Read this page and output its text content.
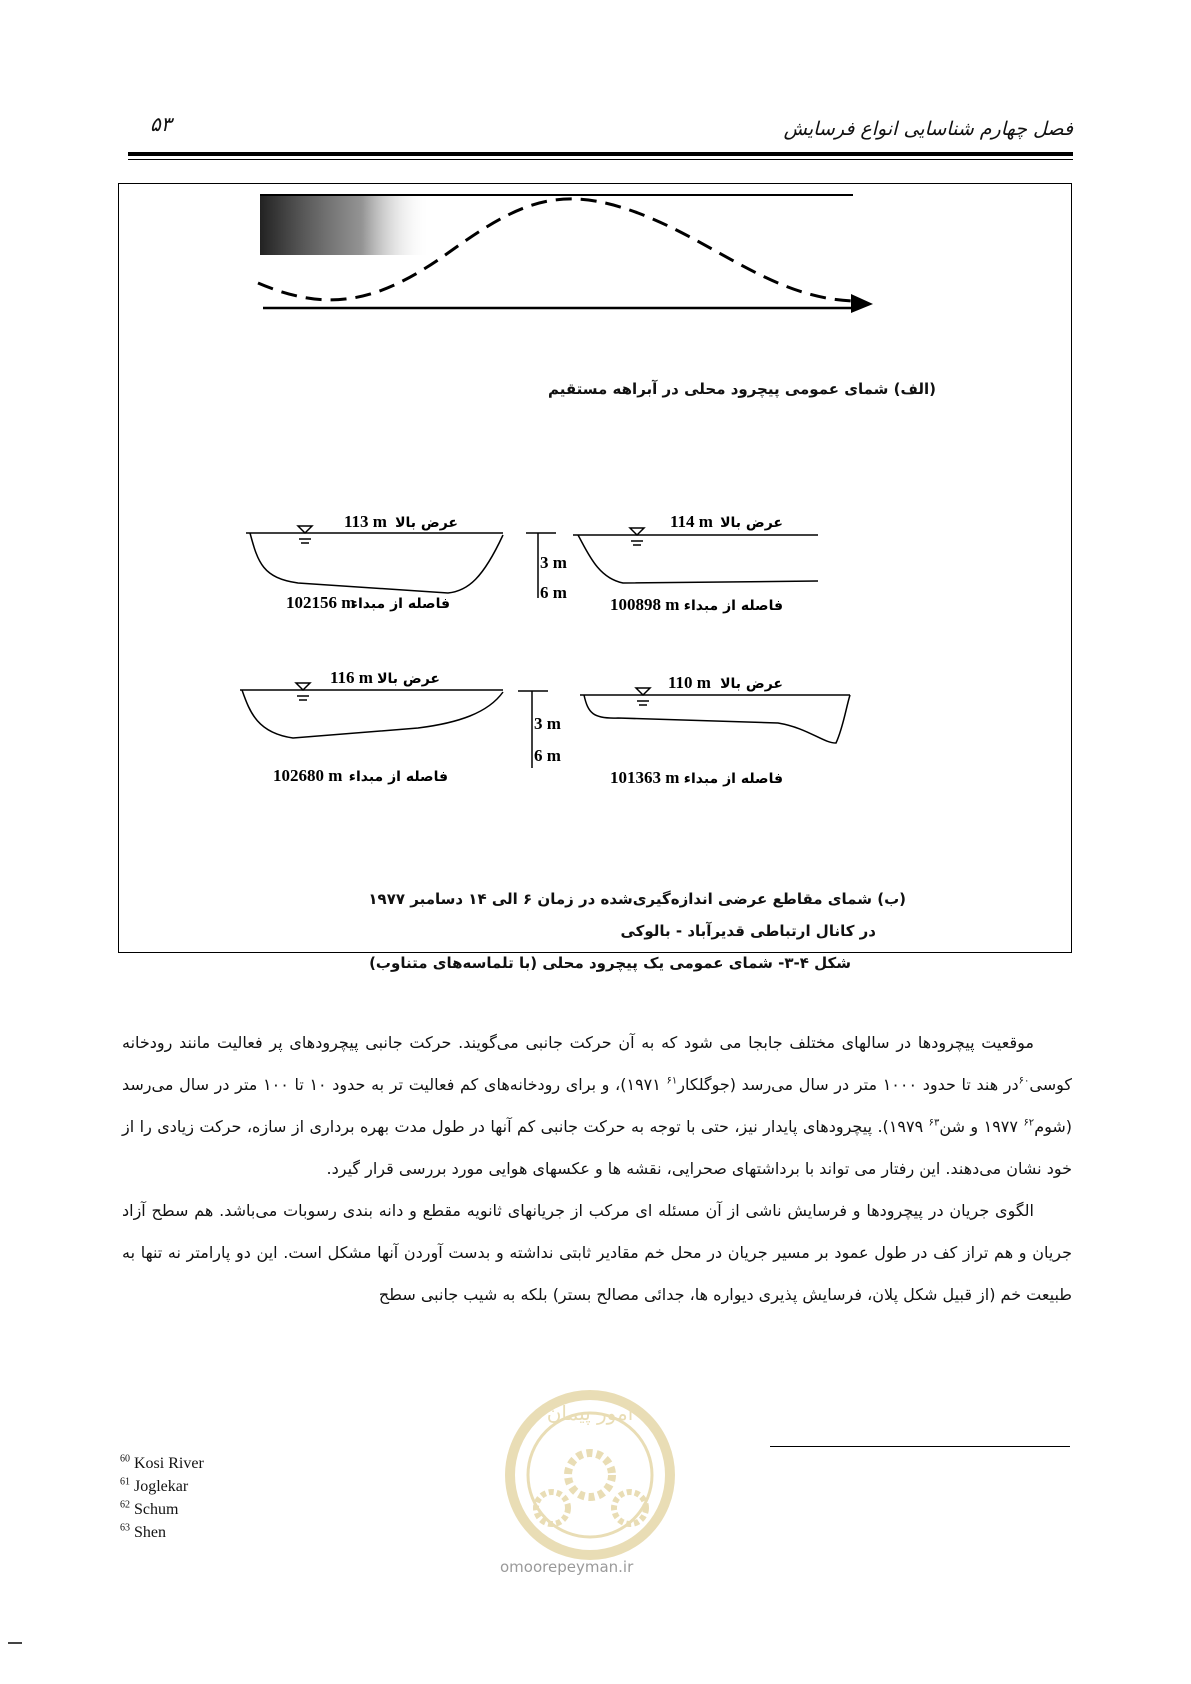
فصل چهارم شناسایی انواع فرسایش
۵۳
113 m عرض بالا
102156 m
فاصله از مبداء
114 m عرض بالا
100898 m فاصله از مبداء
3 m
6 m
116 m عرض بالا
102680 m فاصله از مبداء
110 m عرض بالا
101363 m فاصله از مبداء
3 m
6 m
(الف) شمای عمومی پیچرود محلی در آبراهه مستقیم
(ب) شمای مقاطع عرضی اندازه‌گیری‌شده در زمان ۶ الی ۱۴ دسامبر ۱۹۷۷
در کانال ارتباطی قدیرآباد - بالوکی
شکل ۴-۳- شمای عمومی یک پیچرود محلی (با تلماسه‌های متناوب)

موقعیت پیچرودها در سالهای مختلف جابجا می شود که به آن حرکت جانبی می‌گویند. حرکت جانبی پیچرودهای پر فعالیت مانند رودخانه کوسی$^{۶۰}$در هند تا حدود ۱۰۰۰ متر در سال می‌رسد (جوگلکار$^{۶۱}$ ۱۹۷۱)، و برای رودخانه‌های کم فعالیت تر به حدود ۱۰ تا ۱۰۰ متر در سال می‌رسد (شوم$^{۶۲}$ ۱۹۷۷ و شن$^{۶۳}$ ۱۹۷۹). پیچرودهای پایدار نیز، حتی با توجه به حرکت جانبی کم آنها در طول مدت بهره برداری از سازه، حرکت زیادی را از خود نشان می‌دهند. این رفتار می تواند با برداشتهای صحرایی، نقشه ها و عکسهای هوایی مورد بررسی قرار گیرد.

الگوی جریان در پیچرودها و فرسایش ناشی از آن مسئله ای مرکب از جریانهای ثانویه مقطع و دانه بندی رسوبات می‌باشد. هم سطح آزاد جریان و هم تراز کف در طول عمود بر مسیر جریان در محل خم مقادیر ثابتی نداشته و بدست آوردن آنها مشکل است. این دو پارامتر نه تنها به طبیعت خم (از قبیل شکل پلان، فرسایش پذیری دیواره ها، جدائی مصالح بستر) بلکه به شیب جانبی سطح

امور پیمان
omoorepeyman.ir
$^{60}$ Kosi River
$^{61}$ Joglekar
$^{62}$ Schum
$^{63}$ Shen
